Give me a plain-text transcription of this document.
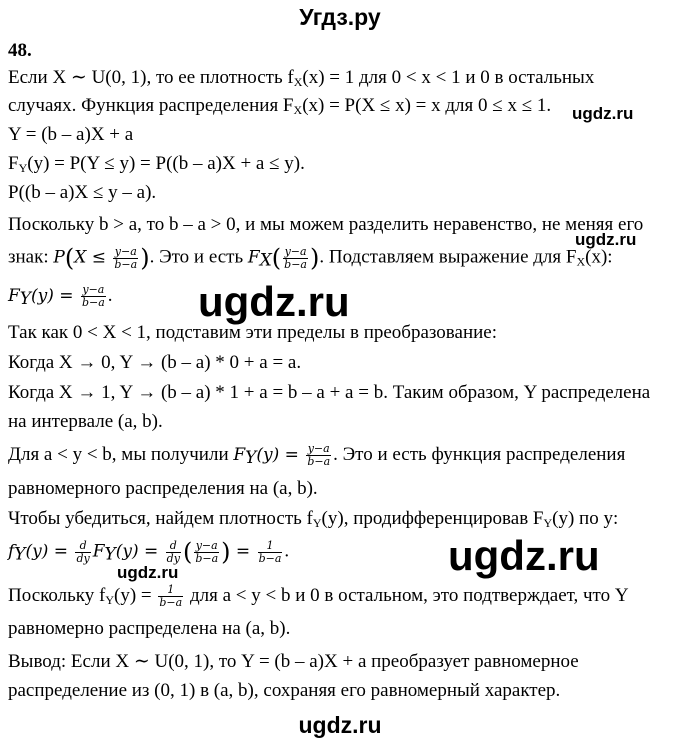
Угдз.ру
48.
Если X ∼ U(0, 1), то ее плотность $f_X(x) = 1$ для 0 < x < 1 и 0 в остальных
случаях. Функция распределения $F_X(x) = P(X \le x) = x$ для 0 ≤ x ≤ 1. ugdz.ru
Y = (b – a)X + a
$F_Y(y) = P(Y \le y) = P((b - a)X + a \le y)$.
P((b – a)X ≤ y – a).
Поскольку b > a, то b – a > 0, и мы можем разделить неравенство, не меняя его
ugdz.ru
знак: $P(X \le \frac{y-a}{b-a}$ ). Это и есть $F_X( \frac{y-a}{b-a}$ ). Подставляем выражение для $F_X(x)$:
$F_Y(y) = \frac{y-a}{b-a}$ . ugdz.ru
Так как 0 < X < 1, подставим эти пределы в преобразование:
Когда X → 0, Y → (b – a) * 0 + a = a.
Когда X → 1, Y → (b – a) * 1 + a = b – a + a = b. Таким образом, Y распределена
на интервале (a, b).
Для a < y < b, мы получили $F_Y(y) = \frac{y-a}{b-a}$ . Это и есть функция распределения
равномерного распределения на (a, b).
Чтобы убедиться, найдем плотность $f_Y(y)$, продифференцировав $F_Y(y)$ по y:
$f_Y(y) = \frac{d}{dy} F_Y(y) = \frac{d}{dy}$ ( $\frac{y-a}{b-a}$ ) = $\frac{1}{b-a}$ .	ugdz.ru
ugdz.ru
Поскольку $f_Y(y) = \frac{1}{b-a}$ для a < y < b и 0 в остальном, это подтверждает, что Y
равномерно распределена на (a, b).
Вывод: Если X ∼ U(0, 1), то Y = (b – a)X + a преобразует равномерное
распределение из (0, 1) в (a, b), сохраняя его равномерный характер.
ugdz.ru
